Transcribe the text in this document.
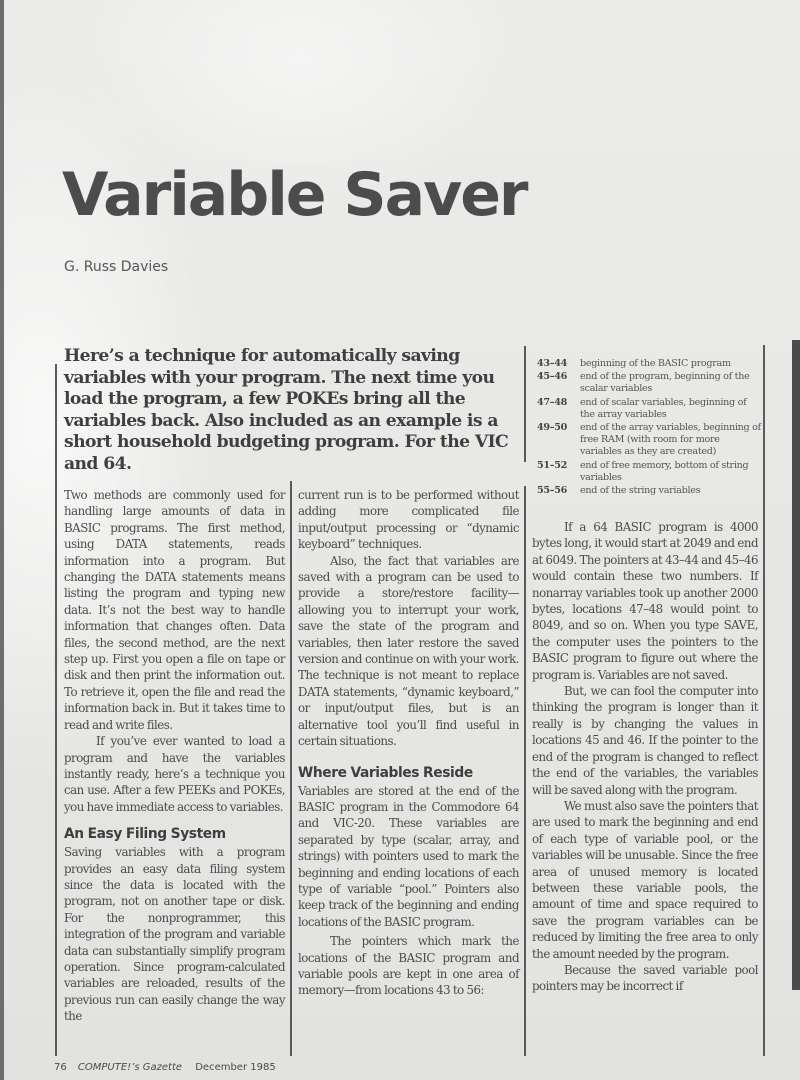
Variable Saver
G. Russ Davies
Here’s a technique for automatically saving variables with your program. The next time you load the program, a few POKEs bring all the variables back. Also included as an example is a short household budgeting program. For the VIC and 64.
43–44	beginning of the BASIC program
45–46	end of the program, beginning of the scalar variables
47–48	end of scalar variables, beginning of the array variables
49–50	end of the array variables, beginning of free RAM (with room for more variables as they are created)
51–52	end of free memory, bottom of string variables
55–56	end of the string variables

Two methods are commonly used for handling large amounts of data in BASIC programs. The first method, using DATA statements, reads information into a program. But changing the DATA statements means listing the program and typing new data. It’s not the best way to handle information that changes often. Data files, the second method, are the next step up. First you open a file on tape or disk and then print the information out. To retrieve it, open the file and read the information back in. But it takes time to read and write files.

If you’ve ever wanted to load a program and have the variables instantly ready, here’s a technique you can use. After a few PEEKs and POKEs, you have immediate access to variables.

An Easy Filing System

Saving variables with a program provides an easy data filing system since the data is located with the program, not on another tape or disk. For the nonprogrammer, this integration of the program and variable data can substantially simplify program operation. Since program-calculated variables are reloaded, results of the previous run can easily change the way the

current run is to be performed without adding more complicated file input/output processing or “dynamic keyboard” techniques.

Also, the fact that variables are saved with a program can be used to provide a store/restore facility—allowing you to interrupt your work, save the state of the program and variables, then later restore the saved version and continue on with your work. The technique is not meant to replace DATA statements, “dynamic keyboard,” or input/output files, but is an alternative tool you’ll find useful in certain situations.

Where Variables Reside

Variables are stored at the end of the BASIC program in the Commodore 64 and VIC-20. These variables are separated by type (scalar, array, and strings) with pointers used to mark the beginning and ending locations of each type of variable “pool.” Pointers also keep track of the beginning and ending locations of the BASIC program.

The pointers which mark the locations of the BASIC program and variable pools are kept in one area of memory—from locations 43 to 56:

If a 64 BASIC program is 4000 bytes long, it would start at 2049 and end at 6049. The pointers at 43–44 and 45–46 would contain these two numbers. If nonarray variables took up another 2000 bytes, locations 47–48 would point to 8049, and so on. When you type SAVE, the computer uses the pointers to the BASIC program to figure out where the program is. Variables are not saved.

But, we can fool the computer into thinking the program is longer than it really is by changing the values in locations 45 and 46. If the pointer to the end of the program is changed to reflect the end of the variables, the variables will be saved along with the program.

We must also save the pointers that are used to mark the beginning and end of each type of variable pool, or the variables will be unusable. Since the free area of unused memory is located between these variable pools, the amount of time and space required to save the program variables can be reduced by limiting the free area to only the amount needed by the program.

Because the saved variable pool pointers may be incorrect if

76 COMPUTE!’s Gazette December 1985
